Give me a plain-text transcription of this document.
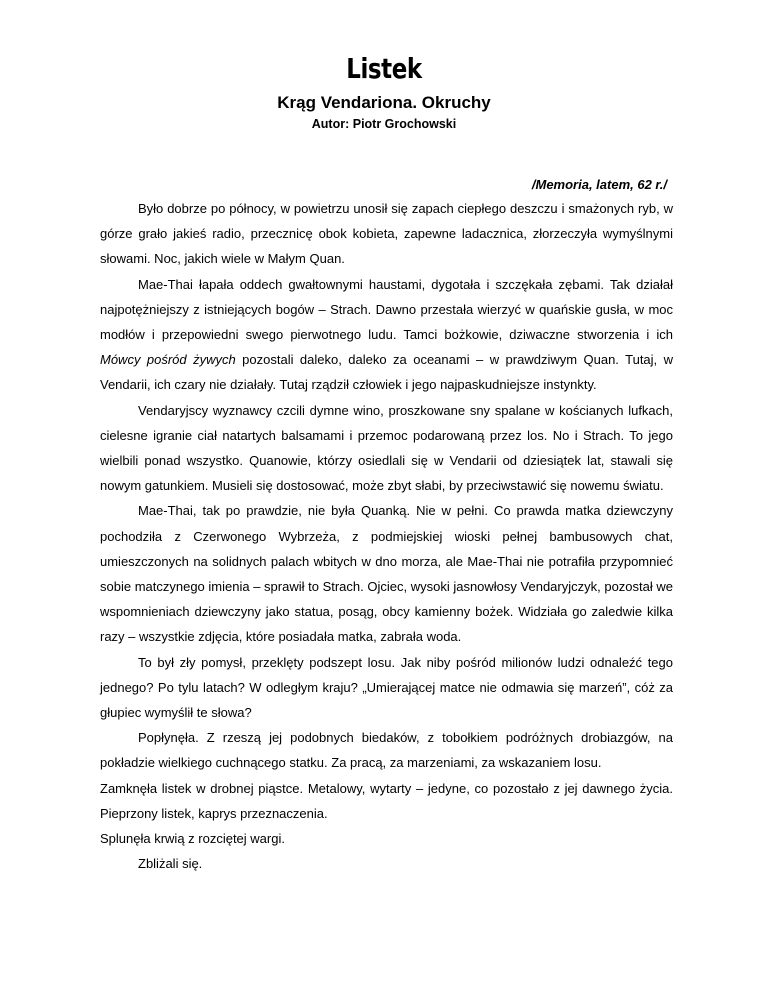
Listek
Krąg Vendariona. Okruchy
Autor: Piotr Grochowski
/Memoria, latem, 62 r./

Było dobrze po północy, w powietrzu unosił się zapach ciepłego deszczu i smażonych ryb, w górze grało jakieś radio, przecznicę obok kobieta, zapewne ladacznica, złorzeczyła wymyślnymi słowami. Noc, jakich wiele w Małym Quan.

Mae-Thai łapała oddech gwałtownymi haustami, dygotała i szczękała zębami. Tak działał najpotężniejszy z istniejących bogów – Strach. Dawno przestała wierzyć w quańskie gusła, w moc modłów i przepowiedni swego pierwotnego ludu. Tamci bożkowie, dziwaczne stworzenia i ich Mówcy pośród żywych pozostali daleko, daleko za oceanami – w prawdziwym Quan. Tutaj, w Vendarii, ich czary nie działały. Tutaj rządził człowiek i jego najpaskudniejsze instynkty.

Vendaryjscy wyznawcy czcili dymne wino, proszkowane sny spalane w kościanych lufkach, cielesne igranie ciał natartych balsamami i przemoc podarowaną przez los. No i Strach. To jego wielbili ponad wszystko. Quanowie, którzy osiedlali się w Vendarii od dziesiątek lat, stawali się nowym gatunkiem. Musieli się dostosować, może zbyt słabi, by przeciwstawić się nowemu światu.

Mae-Thai, tak po prawdzie, nie była Quanką. Nie w pełni. Co prawda matka dziewczyny pochodziła z Czerwonego Wybrzeża, z podmiejskiej wioski pełnej bambusowych chat, umieszczonych na solidnych palach wbitych w dno morza, ale Mae-Thai nie potrafiła przypomnieć sobie matczynego imienia – sprawił to Strach. Ojciec, wysoki jasnowłosy Vendaryjczyk, pozostał we wspomnieniach dziewczyny jako statua, posąg, obcy kamienny bożek. Widziała go zaledwie kilka razy – wszystkie zdjęcia, które posiadała matka, zabrała woda.

To był zły pomysł, przeklęty podszept losu. Jak niby pośród milionów ludzi odnaleźć tego jednego? Po tylu latach? W odległym kraju? „Umierającej matce nie odmawia się marzeń”, cóż za głupiec wymyślił te słowa?

Popłynęła. Z rzeszą jej podobnych biedaków, z tobołkiem podróżnych drobiazgów, na pokładzie wielkiego cuchnącego statku. Za pracą, za marzeniami, za wskazaniem losu.

Zamknęła listek w drobnej piąstce. Metalowy, wytarty – jedyne, co pozostało z jej dawnego życia. Pieprzony listek, kaprys przeznaczenia.

Splunęła krwią z rozciętej wargi.

Zbliżali się.
